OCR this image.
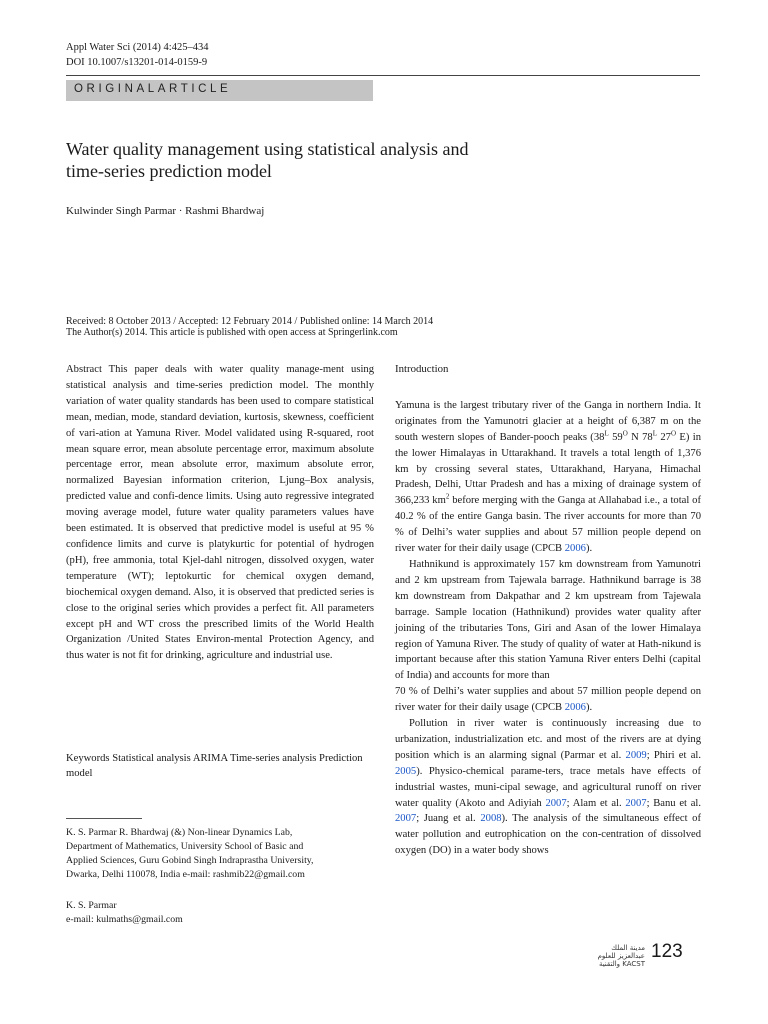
Appl Water Sci (2014) 4:425–434
DOI 10.1007/s13201-014-0159-9
ORIGINALARTICLE
Water quality management using statistical analysis and
time-series prediction model
Kulwinder Singh Parmar · Rashmi Bhardwaj
Received: 8 October 2013 / Accepted: 12 February 2014 / Published online: 14 March 2014
The Author(s) 2014. This article is published with open access at Springerlink.com
Abstract This paper deals with water quality manage-ment using statistical analysis and time-series prediction model. The monthly variation of water quality standards has been used to compare statistical mean, median, mode, standard deviation, kurtosis, skewness, coefficient of vari-ation at Yamuna River. Model validated using R-squared, root mean square error, mean absolute percentage error, maximum absolute percentage error, mean absolute error, maximum absolute error, normalized Bayesian information criterion, Ljung–Box analysis, predicted value and confi-dence limits. Using auto regressive integrated moving average model, future water quality parameters values have been estimated. It is observed that predictive model is useful at 95 % confidence limits and curve is platykurtic for potential of hydrogen (pH), free ammonia, total Kjel-dahl nitrogen, dissolved oxygen, water temperature (WT); leptokurtic for chemical oxygen demand, biochemical oxygen demand. Also, it is observed that predicted series is close to the original series which provides a perfect fit. All parameters except pH and WT cross the prescribed limits of the World Health Organization /United States Environ-mental Protection Agency, and thus water is not fit for drinking, agriculture and industrial use.
Keywords Statistical analysis ARIMA Time-series analysis Prediction model
K. S. Parmar R. Bhardwaj (&) Non-linear Dynamics Lab,
Department of Mathematics, University School of Basic and
Applied Sciences, Guru Gobind Singh Indraprastha University,
Dwarka, Delhi 110078, India e-mail: rashmib22@gmail.com
K. S. Parmar
e-mail: kulmaths@gmail.com
Introduction

Yamuna is the largest tributary river of the Ganga in northern India. It originates from the Yamunotri glacier at a height of 6,387 m on the south western slopes of Bander-pooch peaks ($38^L$ $59^O$ N $78^L$ $27^O$ E) in the lower Himalayas in Uttarakhand. It travels a total length of 1,376 km by crossing several states, Uttarakhand, Haryana, Himachal Pradesh, Delhi, Uttar Pradesh and has a mixing of drainage system of 366,233 $km^2$ before merging with the Ganga at Allahabad i.e., a total of 40.2 % of the entire Ganga basin. The river accounts for more than 70 % of Delhi’s water supplies and about 57 million people depend on river water for their daily usage (CPCB 2006).

Hathnikund is approximately 157 km downstream from Yamunotri and 2 km upstream from Tajewala barrage. Hathnikund barrage is 38 km downstream from Dakpathar and 2 km upstream from Tajewala barrage. Sample location (Hathnikund) provides water quality after joining of the tributaries Tons, Giri and Asan of the lower Himalaya region of Yamuna River. The study of quality of water at Hath-nikund is important because after this station Yamuna River enters Delhi (capital of India) and accounts for more than

70 % of Delhi’s water supplies and about 57 million people depend on river water for their daily usage (CPCB 2006).

Pollution in river water is continuously increasing due to urbanization, industrialization etc. and most of the rivers are at dying position which is an alarming signal (Parmar et al. 2009; Phiri et al. 2005). Physico-chemical parame-ters, trace metals have effects of industrial wastes, muni-cipal sewage, and agricultural runoff on river water quality (Akoto and Adiyiah 2007; Alam et al. 2007; Banu et al. 2007; Juang et al. 2008). The analysis of the simultaneous effect of water pollution and eutrophication on the con-centration of dissolved oxygen (DO) in a water body shows

مدينة الملك عبدالعزيز للعلوم والتقنية KACST
123
